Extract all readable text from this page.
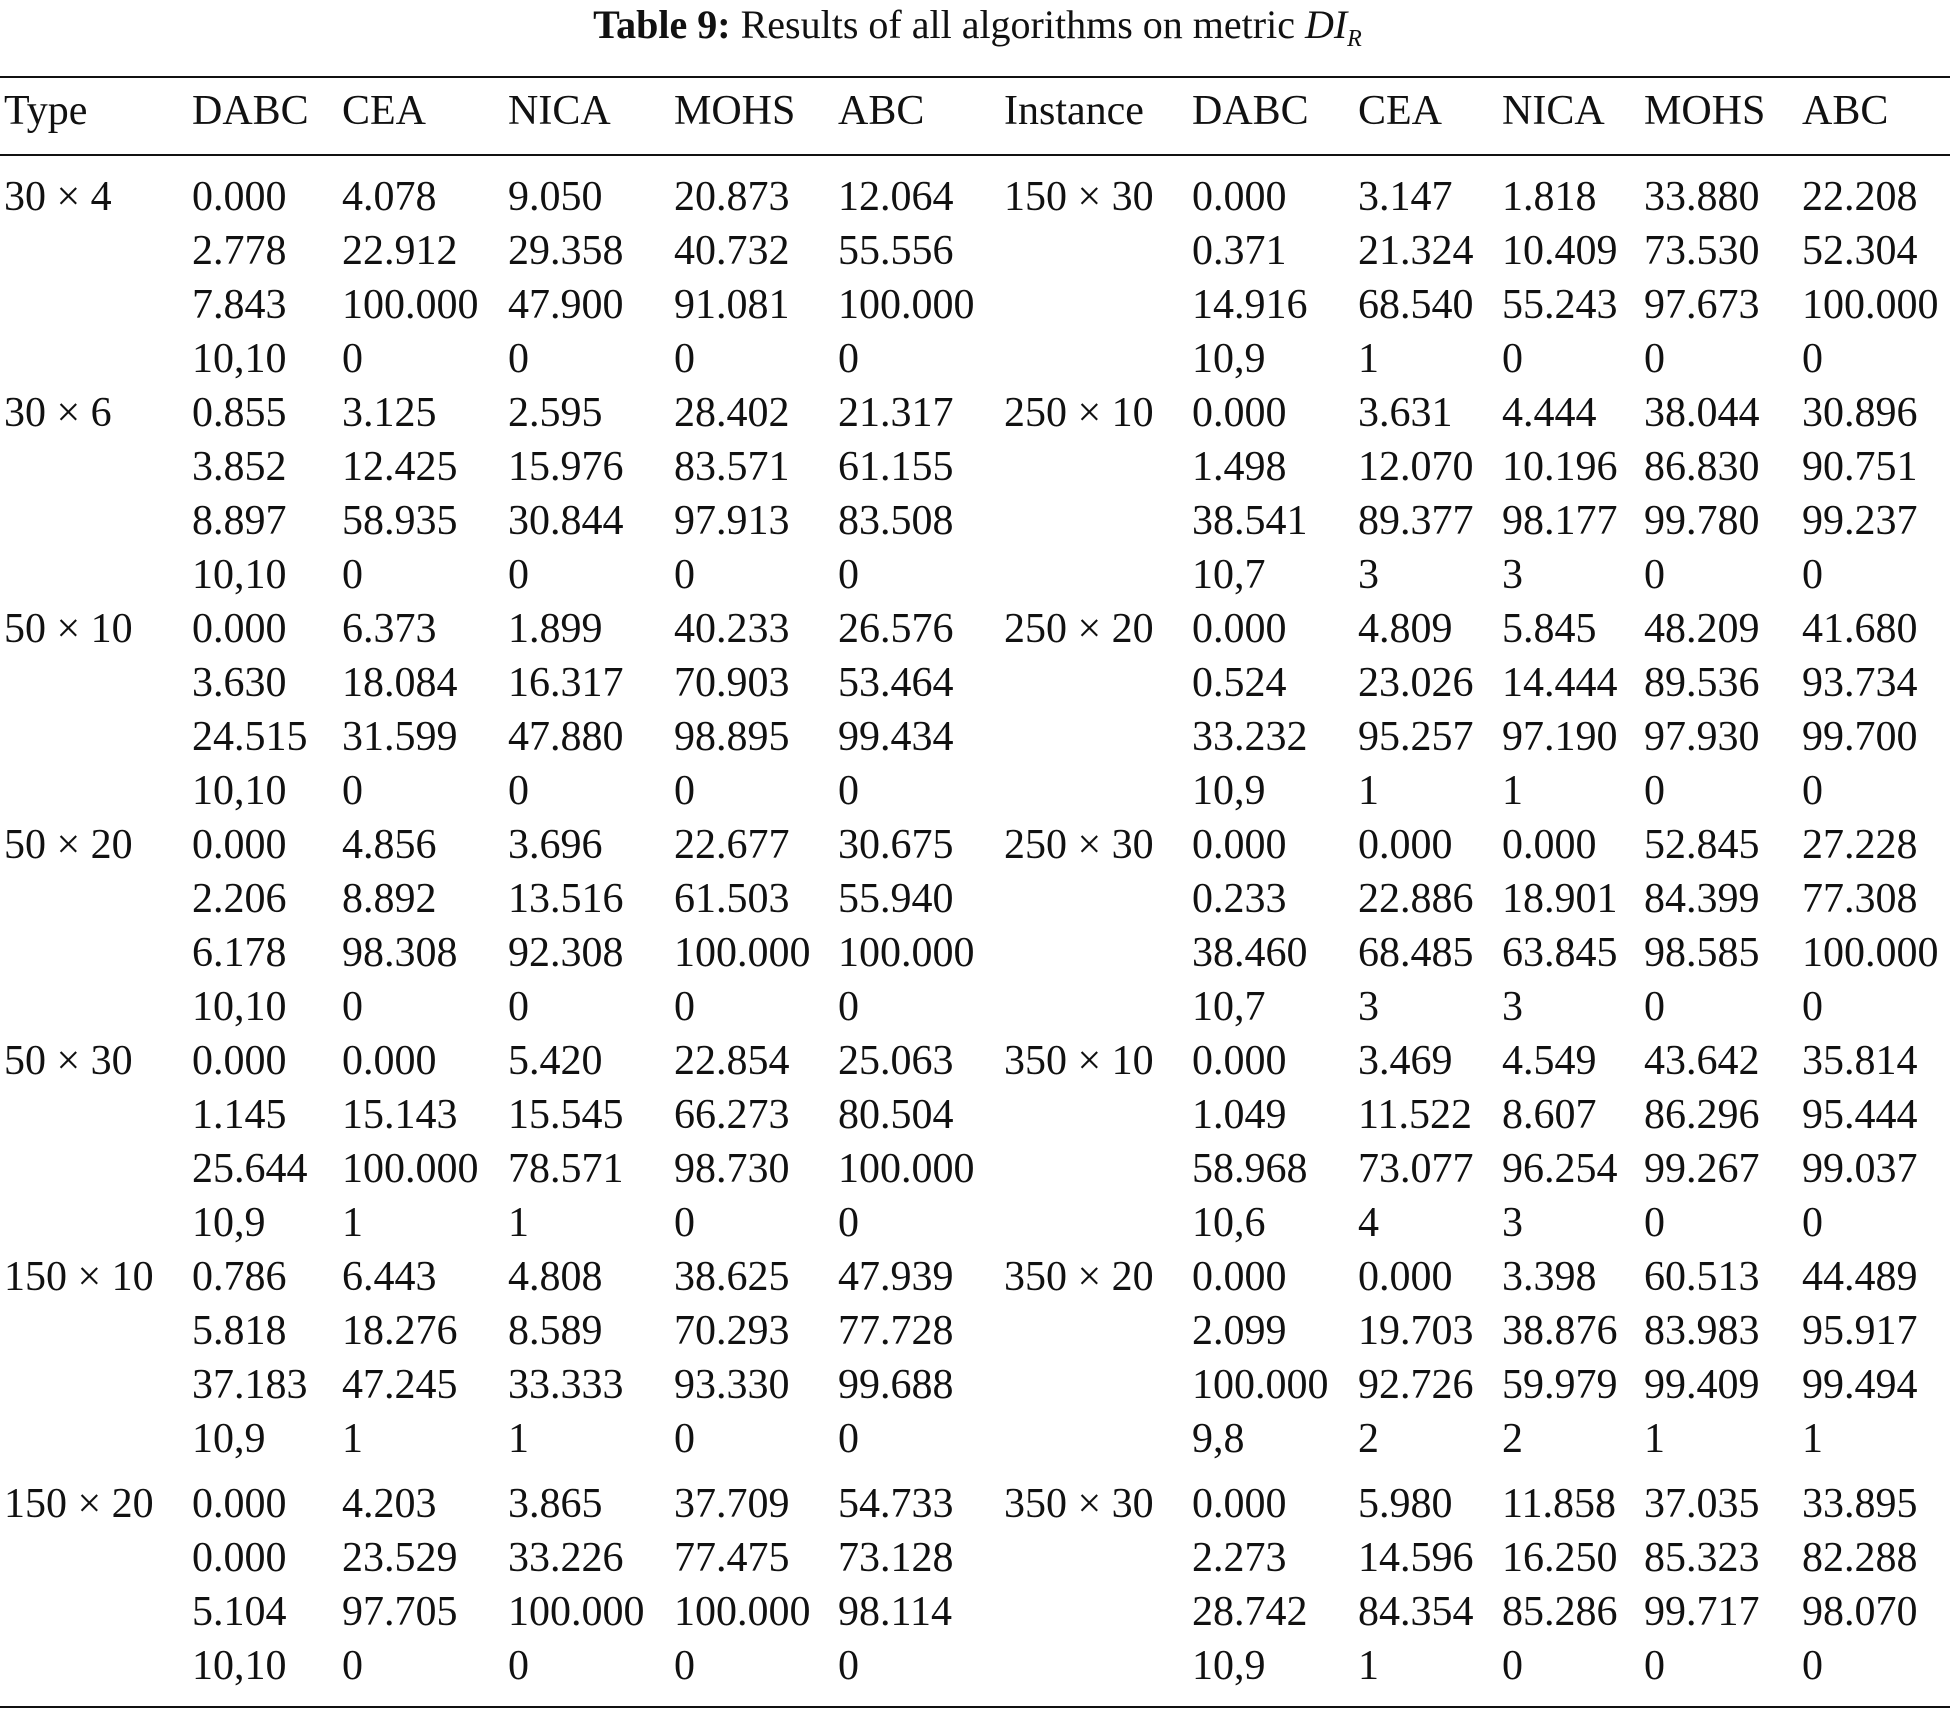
Table 9: Results of all algorithms on metric $DI_R$
Type DABC CEA NICA MOHS ABC Instance DABC CEA NICA MOHS ABC
30 × 4	150 × 30
0.000 4.078 9.050 20.873 12.064	0.000 3.147 1.818 33.880 22.208
2.778 22.912 29.358 40.732 55.556	0.371 21.324 10.409 73.530 52.304
7.843 100.000 47.900 91.081 100.000	14.916 68.540 55.243 97.673 100.000
10,10 0	0	0	0	10,9 1	0	0	0
30 × 6	250 × 10
0.855 3.125 2.595 28.402 21.317	0.000 3.631 4.444 38.044 30.896
3.852 12.425 15.976 83.571 61.155	1.498 12.070 10.196 86.830 90.751
8.897 58.935 30.844 97.913 83.508	38.541 89.377 98.177 99.780 99.237
10,10 0	0	0	0	10,7 3	3	0	0
50 × 10	250 × 20
0.000 6.373 1.899 40.233 26.576	0.000 4.809 5.845 48.209 41.680
3.630 18.084 16.317 70.903 53.464	0.524 23.026 14.444 89.536 93.734
24.515 31.599 47.880 98.895 99.434	33.232 95.257 97.190 97.930 99.700
10,10 0	0	0	0	10,9 1	1	0	0
50 × 20	250 × 30
0.000 4.856 3.696 22.677 30.675	0.000 0.000 0.000 52.845 27.228
2.206 8.892 13.516 61.503 55.940	0.233 22.886 18.901 84.399 77.308
6.178 98.308 92.308 100.000 100.000	38.460 68.485 63.845 98.585 100.000
10,10 0	0	0	0	10,7 3	3	0	0
50 × 30	350 × 10
0.000 0.000 5.420 22.854 25.063	0.000 3.469 4.549 43.642 35.814
1.145 15.143 15.545 66.273 80.504	1.049 11.522 8.607 86.296 95.444
25.644 100.000 78.571 98.730 100.000	58.968 73.077 96.254 99.267 99.037
10,9 1	1	0	0	10,6 4	3	0	0
150 × 10	350 × 20
0.786 6.443 4.808 38.625 47.939	0.000 0.000 3.398 60.513 44.489
5.818 18.276 8.589 70.293 77.728	2.099 19.703 38.876 83.983 95.917
37.183 47.245 33.333 93.330 99.688	100.000 92.726 59.979 99.409 99.494
10,9 1	1	0	0	9,8	2	2	1	1
150 × 20	350 × 30
0.000 4.203 3.865 37.709 54.733	0.000 5.980 11.858 37.035 33.895
0.000 23.529 33.226 77.475 73.128	2.273 14.596 16.250 85.323 82.288
5.104 97.705 100.000 100.000 98.114	28.742 84.354 85.286 99.717 98.070
10,10 0	0	0	0	10,9 1	0	0	0
